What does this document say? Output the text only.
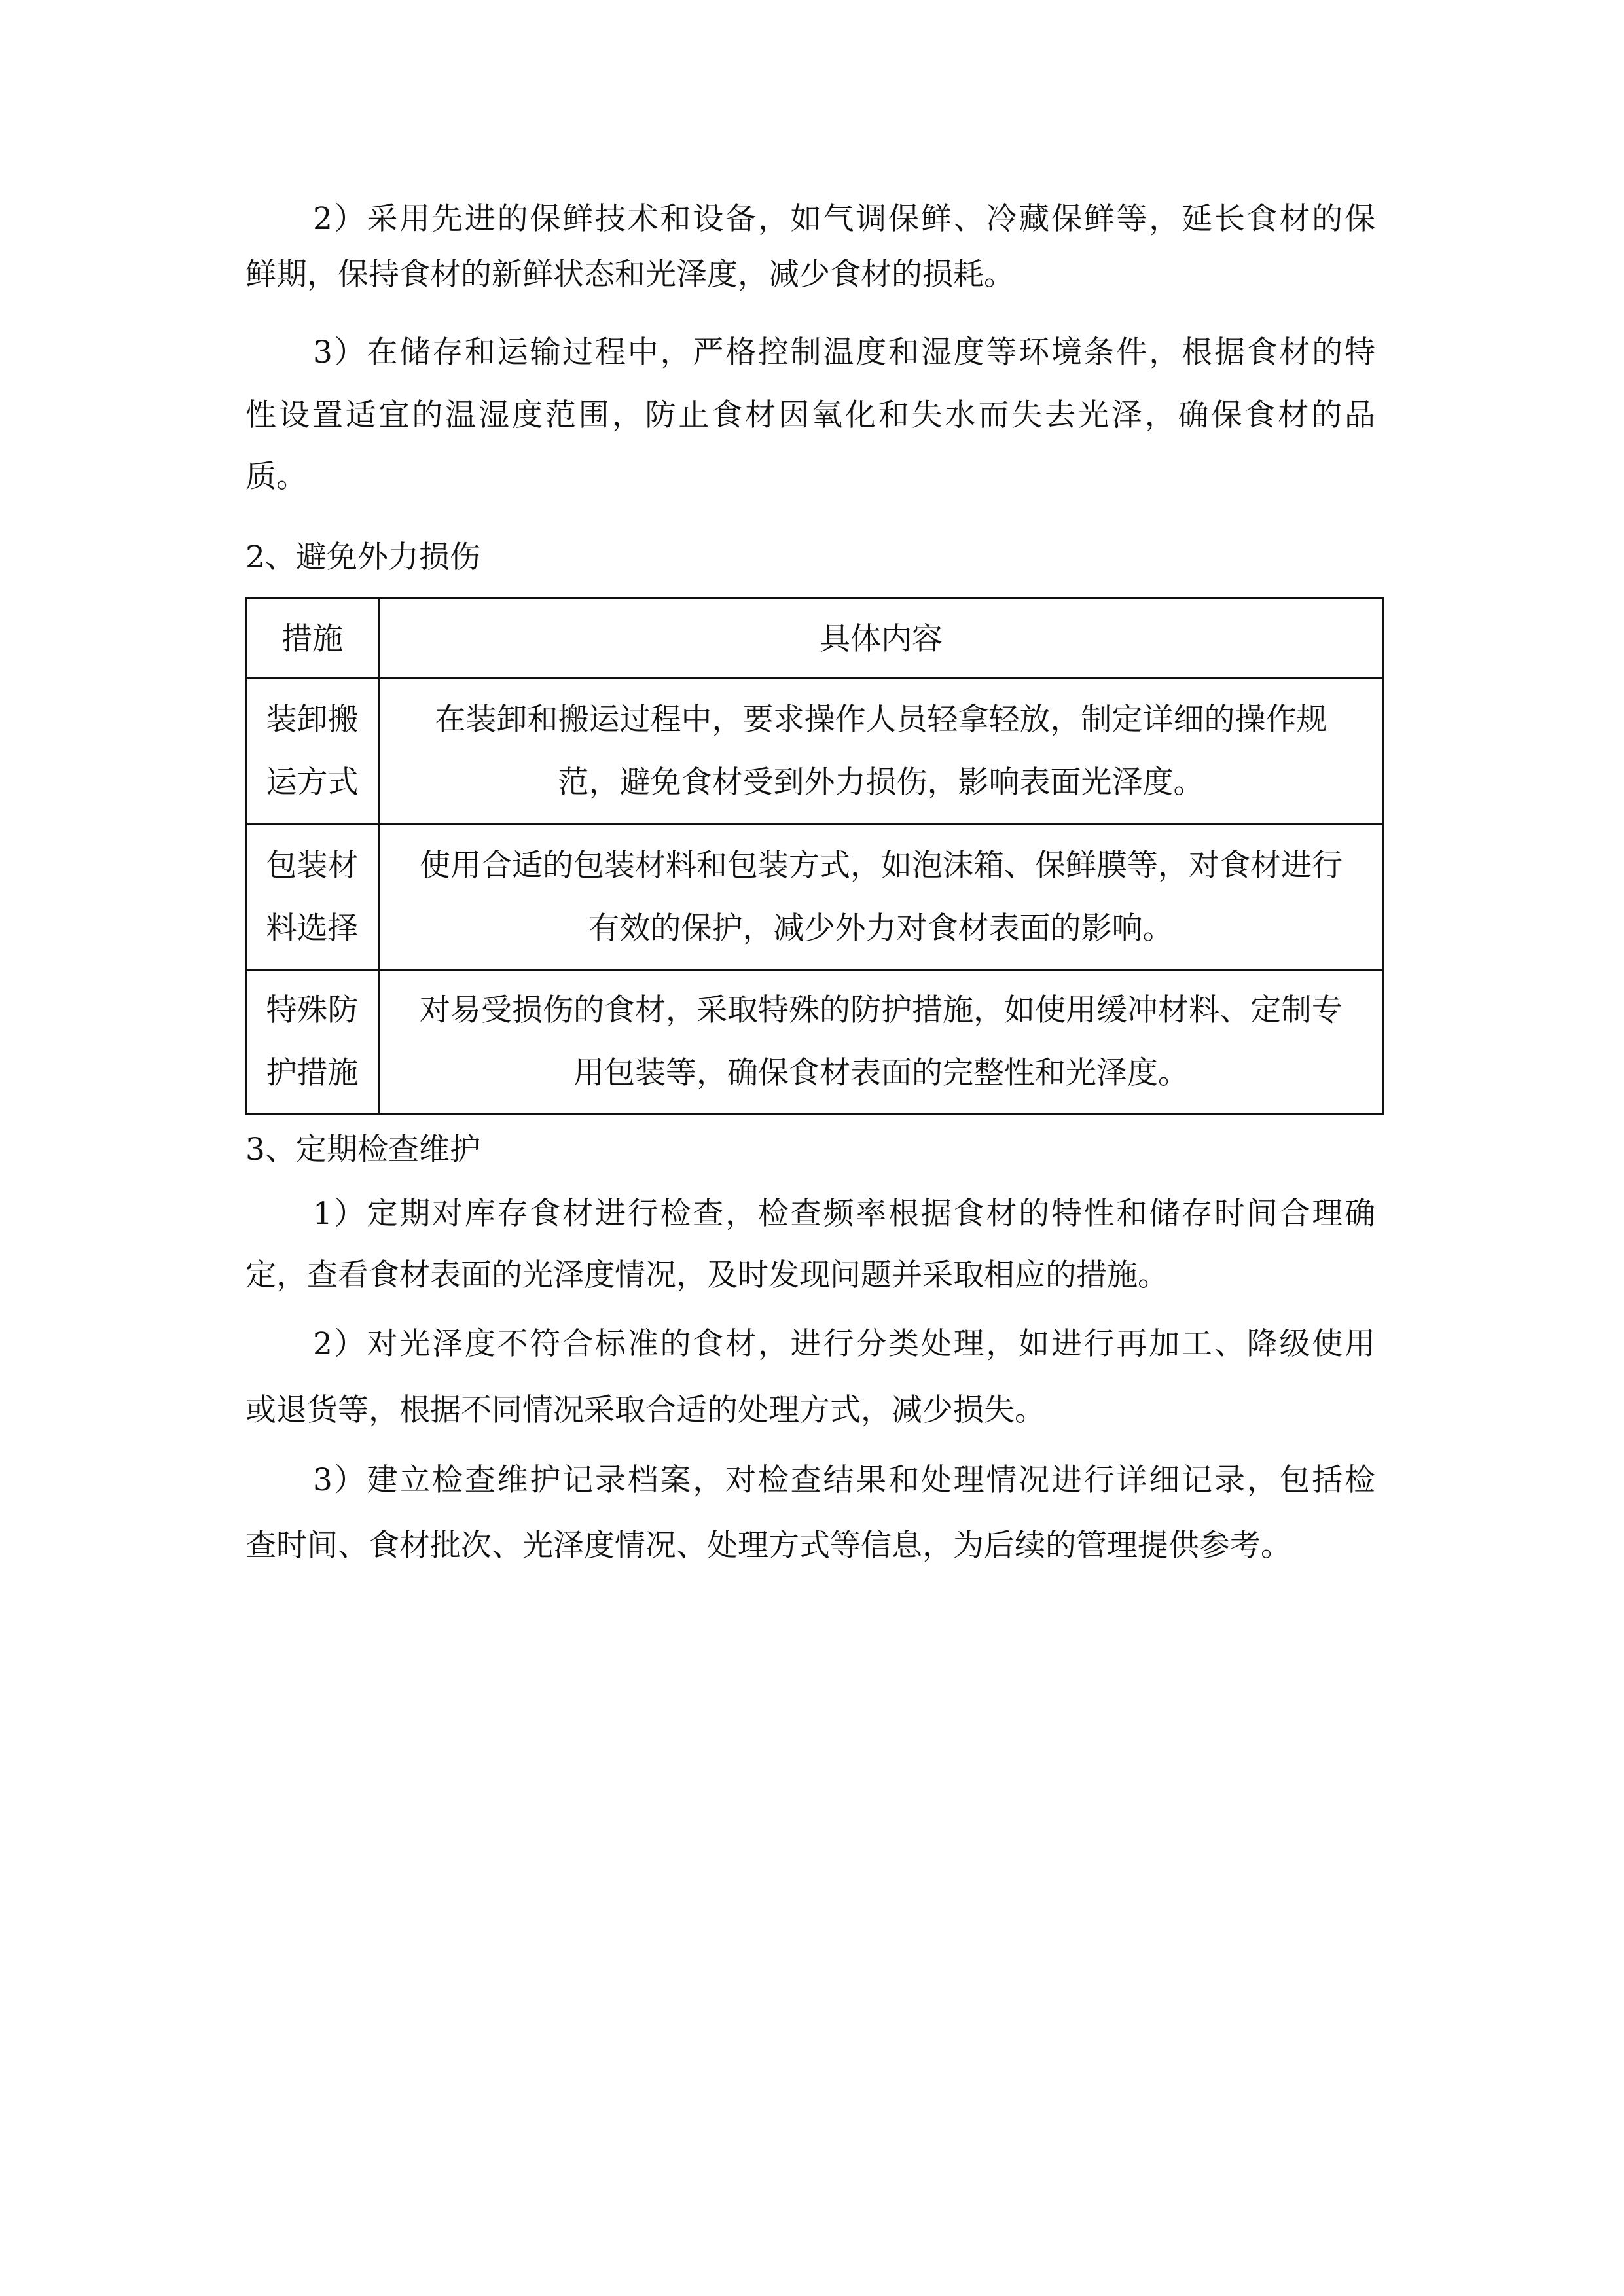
2）采用先进的保鲜技术和设备，如气调保鲜、冷藏保鲜等，延长食材的保
鲜期，保持食材的新鲜状态和光泽度，减少食材的损耗。
3）在储存和运输过程中，严格控制温度和湿度等环境条件，根据食材的特
性设置适宜的温湿度范围，防止食材因氧化和失水而失去光泽，确保食材的品
质。
2、避免外力损伤
措施	具体内容

装卸搬
运方式	在装卸和搬运过程中，要求操作人员轻拿轻放，制定详细的操作规
范，避免食材受到外力损伤，影响表面光泽度。

包装材
料选择	使用合适的包装材料和包装方式，如泡沫箱、保鲜膜等，对食材进行
有效的保护，减少外力对食材表面的影响。

特殊防
护措施	对易受损伤的食材，采取特殊的防护措施，如使用缓冲材料、定制专
用包装等，确保食材表面的完整性和光泽度。
3、定期检查维护
1）定期对库存食材进行检查，检查频率根据食材的特性和储存时间合理确
定，查看食材表面的光泽度情况，及时发现问题并采取相应的措施。
2）对光泽度不符合标准的食材，进行分类处理，如进行再加工、降级使用
或退货等，根据不同情况采取合适的处理方式，减少损失。
3）建立检查维护记录档案，对检查结果和处理情况进行详细记录，包括检
查时间、食材批次、光泽度情况、处理方式等信息，为后续的管理提供参考。
